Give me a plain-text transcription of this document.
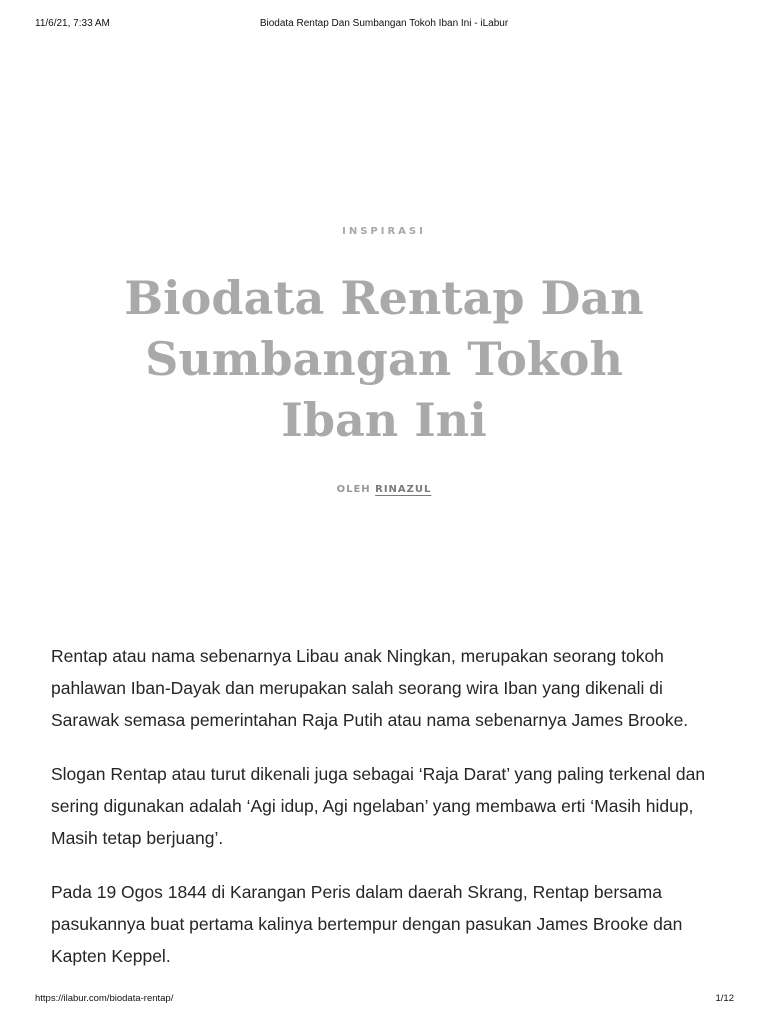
11/6/21, 7:33 AM	Biodata Rentap Dan Sumbangan Tokoh Iban Ini - iLabur
INSPIRASI
Biodata Rentap Dan Sumbangan Tokoh Iban Ini
OLEH RINAZUL

Rentap atau nama sebenarnya Libau anak Ningkan, merupakan seorang tokoh pahlawan Iban-Dayak dan merupakan salah seorang wira Iban yang dikenali di Sarawak semasa pemerintahan Raja Putih atau nama sebenarnya James Brooke.

Slogan Rentap atau turut dikenali juga sebagai ‘Raja Darat’ yang paling terkenal dan sering digunakan adalah ‘Agi idup, Agi ngelaban’ yang membawa erti ‘Masih hidup, Masih tetap berjuang’.

Pada 19 Ogos 1844 di Karangan Peris dalam daerah Skrang, Rentap bersama pasukannya buat pertama kalinya bertempur dengan pasukan James Brooke dan Kapten Keppel.

https://ilabur.com/biodata-rentap/	1/12
